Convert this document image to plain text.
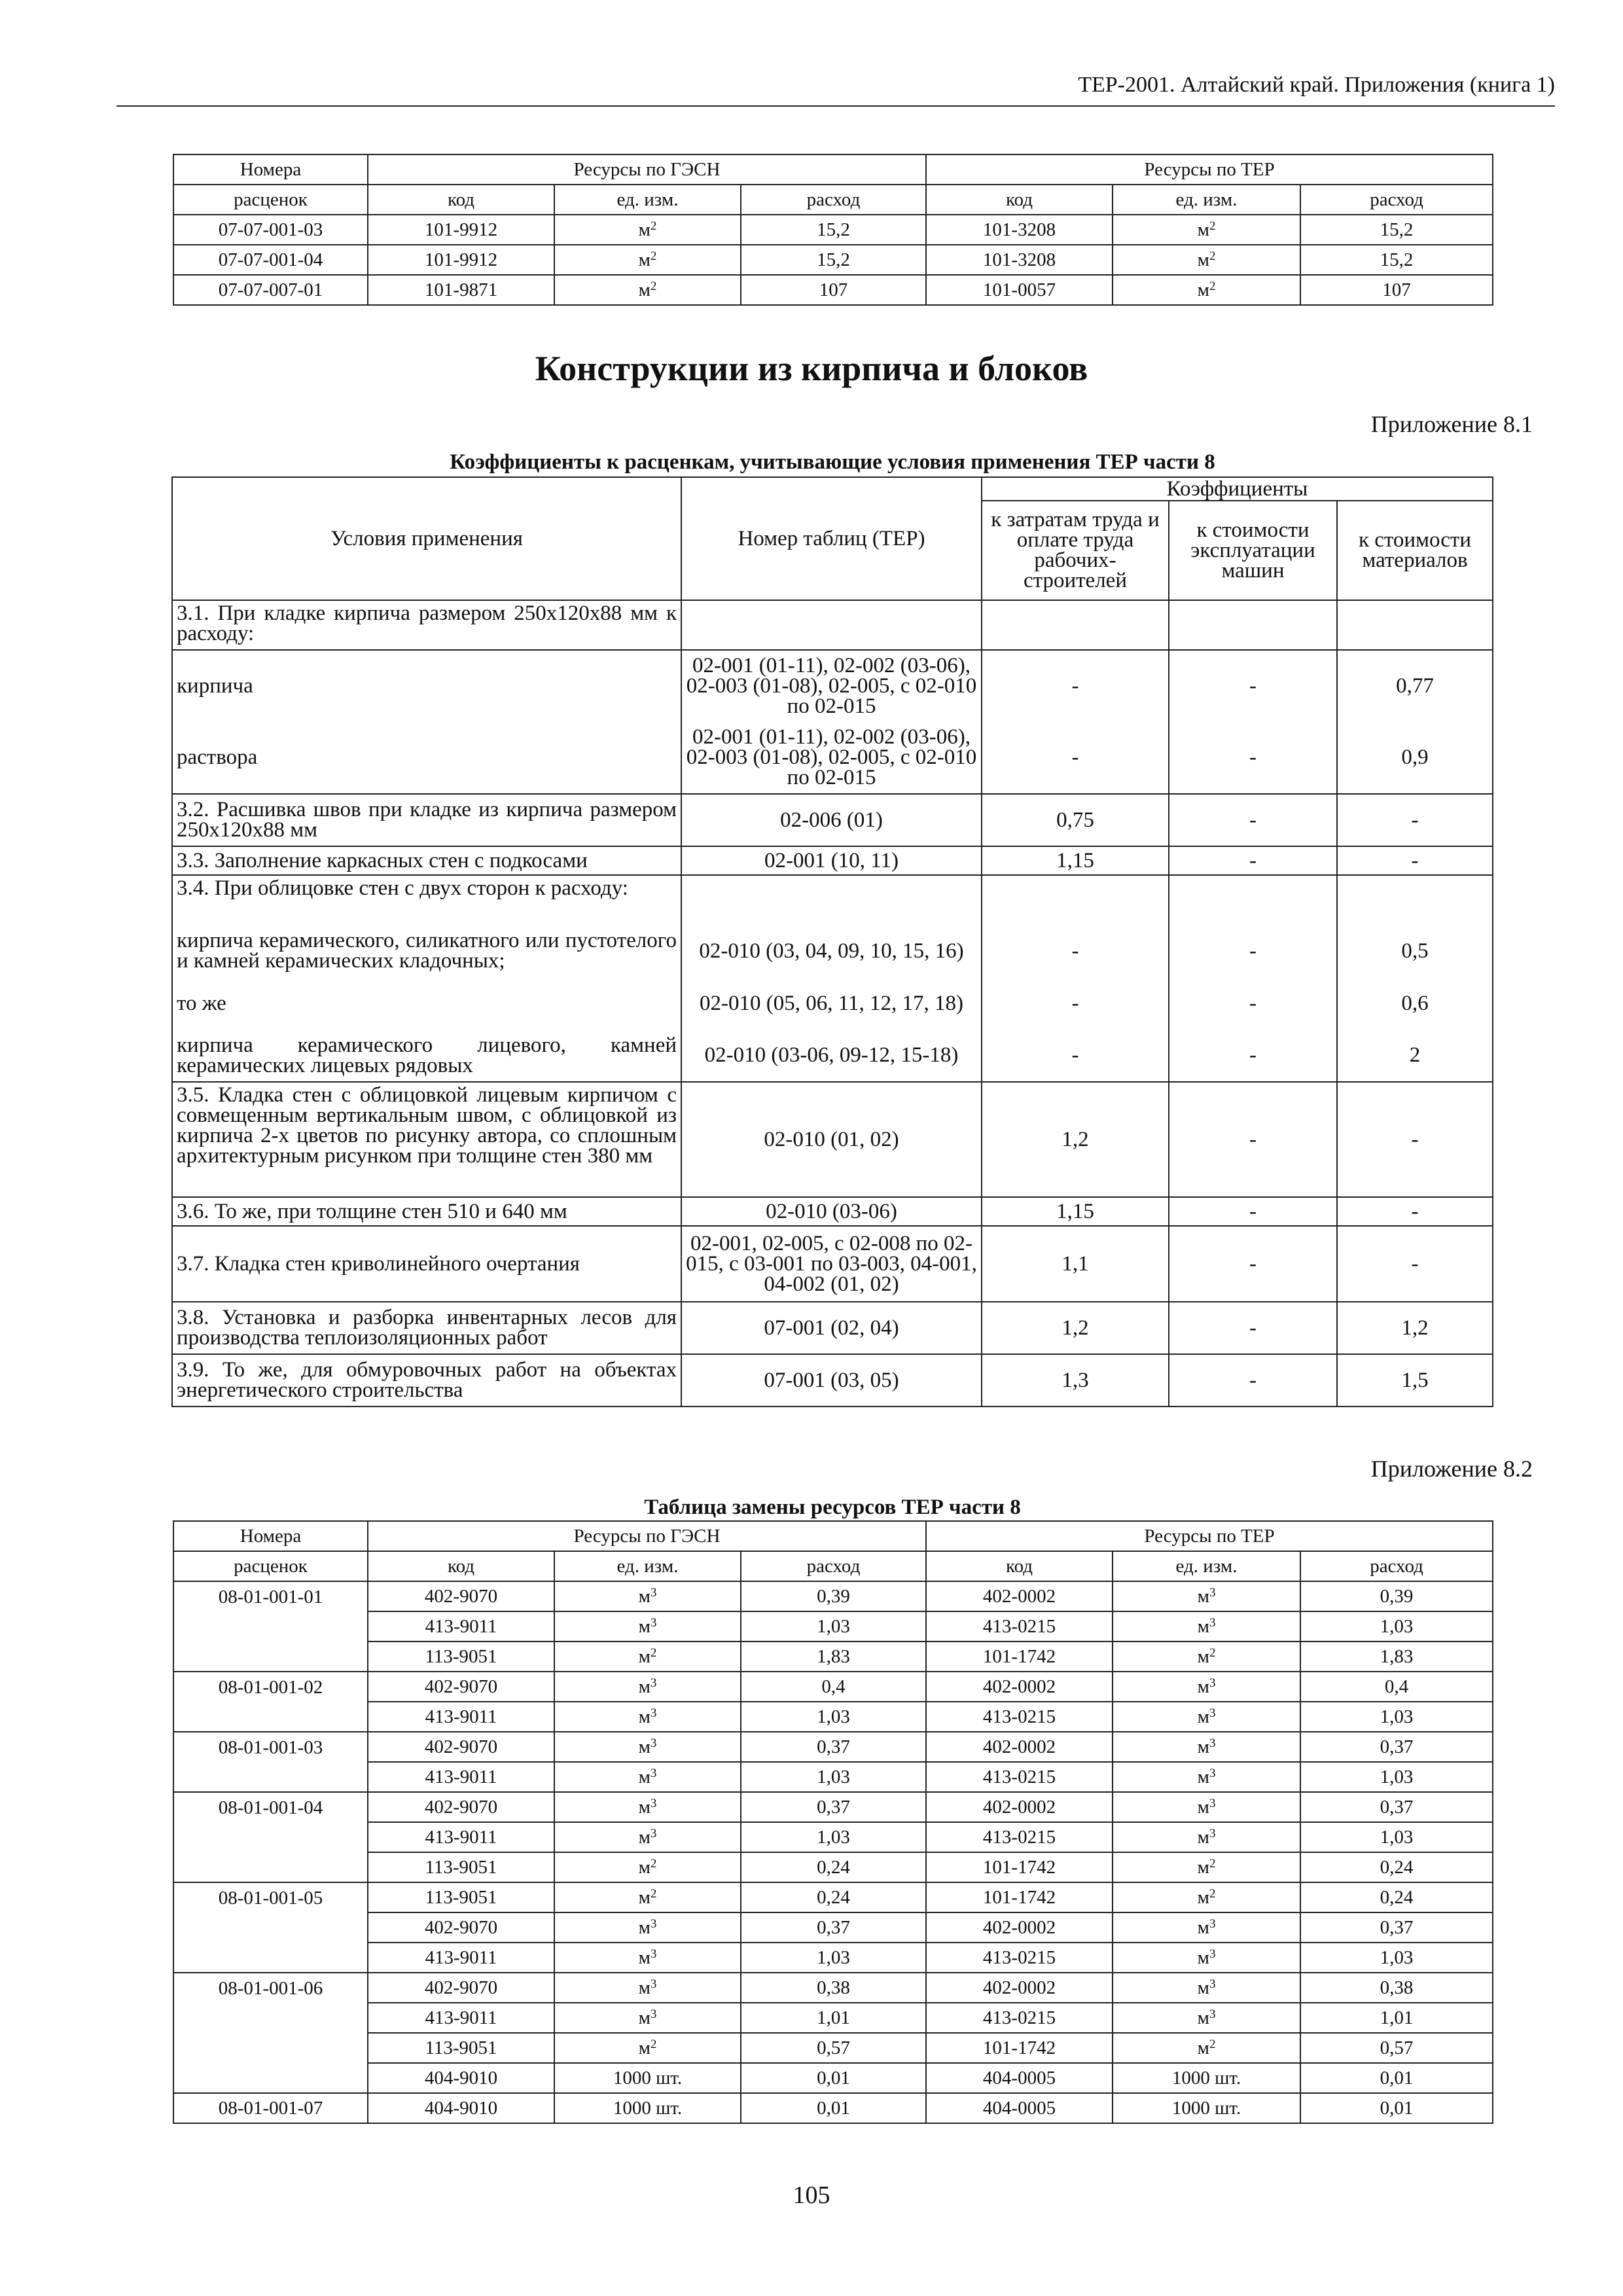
ТЕР-2001. Алтайский край. Приложения (книга 1)
Номера	Ресурсы по ГЭСН			Ресурсы по ТЕР		
расценок	код	ед. изм.	расход	код	ед. изм.	расход
07-07-001-03	101-9912	$м^2$	15,2	101-3208	$м^2$	15,2
07-07-001-04	101-9912	$м^2$	15,2	101-3208	$м^2$	15,2
07-07-007-01	101-9871	$м^2$	107	101-0057	$м^2$	107
Конструкции из кирпича и блоков
Приложение 8.1
Коэффициенты к расценкам, учитывающие условия применения ТЕР части 8
Условия применения	Номер таблиц (ТЕР)	Коэффициенты		
		к затратам труда и оплате труда рабочих-строителей	к стоимости эксплуатации машин	к стоимости материалов
3.1. При кладке кирпича размером 250х120х88 мм к расходу:				
кирпича	02-001 (01-11), 02-002 (03-06), 02-003 (01-08), 02-005, с 02-010 по 02-015	-	-	0,77
раствора	02-001 (01-11), 02-002 (03-06), 02-003 (01-08), 02-005, с 02-010 по 02-015	-	-	0,9
3.2. Расшивка швов при кладке из кирпича размером 250х120х88 мм	02-006 (01)	0,75	-	-
3.3. Заполнение каркасных стен с подкосами	02-001 (10, 11)	1,15	-	-
3.4. При облицовке стен с двух сторон к расходу:				
кирпича керамического, силикатного или пустотелого и камней керамических кладочных;	02-010 (03, 04, 09, 10, 15, 16)	-	-	0,5
то же	02-010 (05, 06, 11, 12, 17, 18)	-	-	0,6
кирпича керамического лицевого, камней керамических лицевых рядовых	02-010 (03-06, 09-12, 15-18)	-	-	2
3.5. Кладка стен с облицовкой лицевым кирпичом с совмещенным вертикальным швом, с облицовкой из кирпича 2-х цветов по рисунку автора, со сплошным архитектурным рисунком при толщине стен 380 мм	02-010 (01, 02)	1,2	-	-
3.6. То же, при толщине стен 510 и 640 мм	02-010 (03-06)	1,15	-	-
3.7. Кладка стен криволинейного очертания	02-001, 02-005, с 02-008 по 02-015, с 03-001 по 03-003, 04-001, 04-002 (01, 02)	1,1	-	-
3.8. Установка и разборка инвентарных лесов для производства теплоизоляционных работ	07-001 (02, 04)	1,2	-	1,2
3.9. То же, для обмуровочных работ на объектах энергетического строительства	07-001 (03, 05)	1,3	-	1,5
Приложение 8.2
Таблица замены ресурсов ТЕР части 8
Номера	Ресурсы по ГЭСН			Ресурсы по ТЕР		
расценок	код	ед. изм.	расход	код	ед. изм.	расход
08-01-001-01	402-9070	$м^3$	0,39	402-0002	$м^3$	0,39
	413-9011	$м^3$	1,03	413-0215	$м^3$	1,03
	113-9051	$м^2$	1,83	101-1742	$м^2$	1,83
08-01-001-02	402-9070	$м^3$	0,4	402-0002	$м^3$	0,4
	413-9011	$м^3$	1,03	413-0215	$м^3$	1,03
08-01-001-03	402-9070	$м^3$	0,37	402-0002	$м^3$	0,37
	413-9011	$м^3$	1,03	413-0215	$м^3$	1,03
08-01-001-04	402-9070	$м^3$	0,37	402-0002	$м^3$	0,37
	413-9011	$м^3$	1,03	413-0215	$м^3$	1,03
	113-9051	$м^2$	0,24	101-1742	$м^2$	0,24
08-01-001-05	113-9051	$м^2$	0,24	101-1742	$м^2$	0,24
	402-9070	$м^3$	0,37	402-0002	$м^3$	0,37
	413-9011	$м^3$	1,03	413-0215	$м^3$	1,03
08-01-001-06	402-9070	$м^3$	0,38	402-0002	$м^3$	0,38
	413-9011	$м^3$	1,01	413-0215	$м^3$	1,01
	113-9051	$м^2$	0,57	101-1742	$м^2$	0,57
	404-9010	1000 шт.	0,01	404-0005	1000 шт.	0,01
08-01-001-07	404-9010	1000 шт.	0,01	404-0005	1000 шт.	0,01
105
